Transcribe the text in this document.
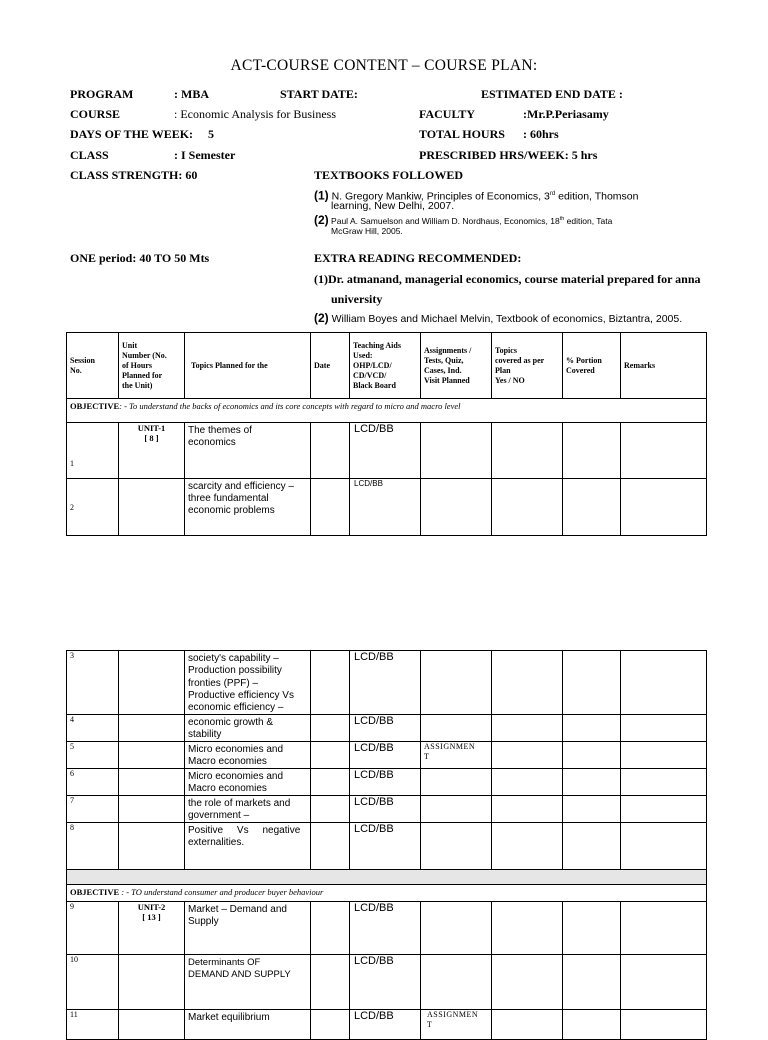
ACT-COURSE CONTENT – COURSE PLAN:
PROGRAM	: MBA	START DATE:	ESTIMATED END DATE :
COURSE	: Economic Analysis for Business	FACULTY	:Mr.P.Periasamy
DAYS OF THE WEEK: 5	TOTAL HOURS : 60hrs
CLASS	: I Semester	PRESCRIBED HRS/WEEK: 5 hrs
CLASS STRENGTH: 60	TEXTBOOKS FOLLOWED
(1) N. Gregory Mankiw, Principles of Economics, 3rd edition, Thomson
learning, New Delhi, 2007.
(2) Paul A. Samuelson and William D. Nordhaus, Economics, 18th edition, Tata
McGraw Hill, 2005.
ONE period: 40 TO 50 Mts	EXTRA READING RECOMMENDED:
(1)Dr. atmanand, managerial economics, course material prepared for anna
university
(2) William Boyes and Michael Melvin, Textbook of economics, Biztantra, 2005.
Session
No.	Unit
Number (No.
of Hours
Planned for
the Unit)	Topics Planned for the	Date	Teaching Aids
Used:
OHP/LCD/
CD/VCD/
Black Board	Assignments /
Tests, Quiz,
Cases, Ind.
Visit Planned	Topics
covered as per
Plan
Yes / NO	% Portion
Covered	Remarks
OBJECTIVE: - To understand the backs of economics and its core concepts with regard to micro and macro level								
1	UNIT-1
[ 8 ]	The themes of
economics		LCD/BB				
2		scarcity and efficiency –
three fundamental
economic problems		LCD/BB				
3		society's capability –
Production possibility
fronties (PPF) –
Productive efficiency Vs
economic efficiency –		LCD/BB				
4		economic growth &
stability		LCD/BB				
5		Micro economies and
Macro economies		LCD/BB	ASSIGNMEN
T			
6		Micro economies and
Macro economies		LCD/BB				
7		the role of markets and
government –		LCD/BB				
8		Positive     Vs     negative
externalities.		LCD/BB				

OBJECTIVE : - TO understand consumer and producer buyer behaviour								
9	UNIT-2
[ 13 ]	Market – Demand and
Supply		LCD/BB				
10		Determinants OF
DEMAND AND SUPPLY		LCD/BB				
11		Market equilibrium		LCD/BB	ASSIGNMEN
T			
